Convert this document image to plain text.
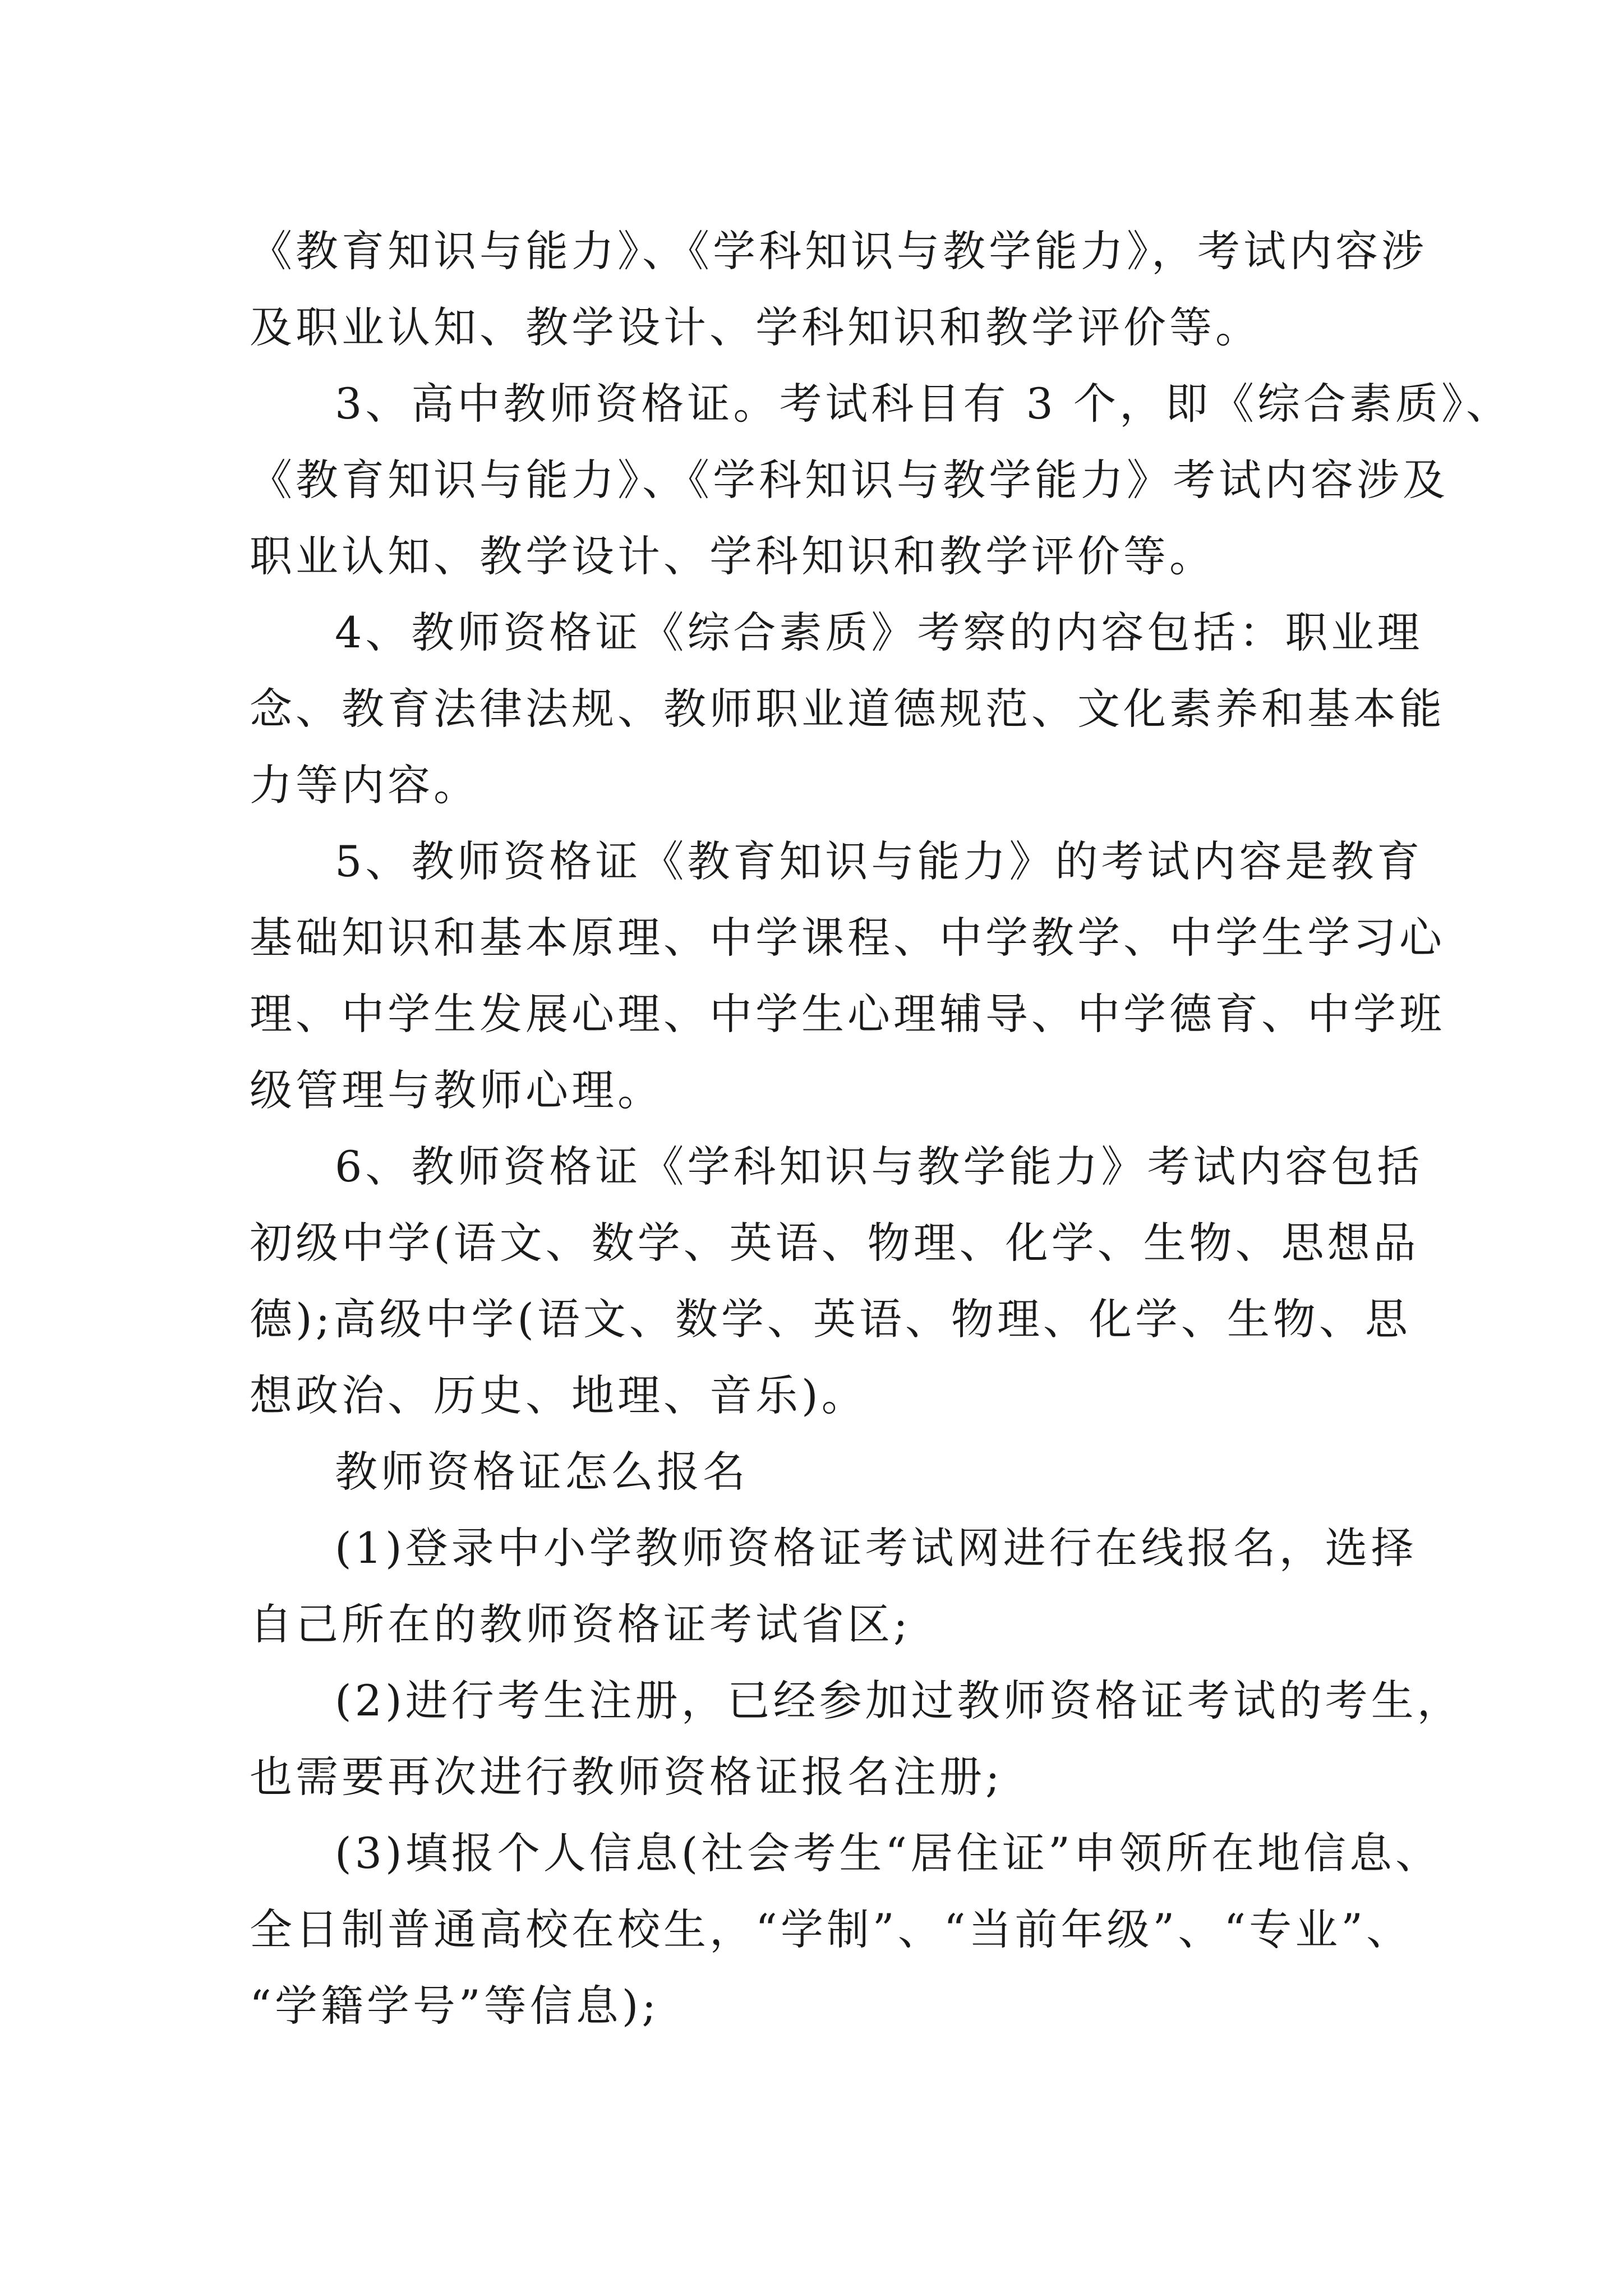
《教育知识与能力》、《学科知识与教学能力》，考试内容涉
及职业认知、教学设计、学科知识和教学评价等。
3、高中教师资格证。考试科目有 3 个，即《综合素质》、
《教育知识与能力》、《学科知识与教学能力》考试内容涉及
职业认知、教学设计、学科知识和教学评价等。
4、教师资格证《综合素质》考察的内容包括：职业理
念、教育法律法规、教师职业道德规范、文化素养和基本能
力等内容。
5、教师资格证《教育知识与能力》的考试内容是教育
基础知识和基本原理、中学课程、中学教学、中学生学习心
理、中学生发展心理、中学生心理辅导、中学德育、中学班
级管理与教师心理。
6、教师资格证《学科知识与教学能力》考试内容包括
初级中学(语文、数学、英语、物理、化学、生物、思想品
德);高级中学(语文、数学、英语、物理、化学、生物、思
想政治、历史、地理、音乐)。
教师资格证怎么报名
(1)登录中小学教师资格证考试网进行在线报名，选择
自己所在的教师资格证考试省区;
(2)进行考生注册，已经参加过教师资格证考试的考生，
也需要再次进行教师资格证报名注册;
(3)填报个人信息(社会考生“居住证”申领所在地信息、
全日制普通高校在校生，“学制”、“当前年级”、“专业”、
“学籍学号”等信息);
